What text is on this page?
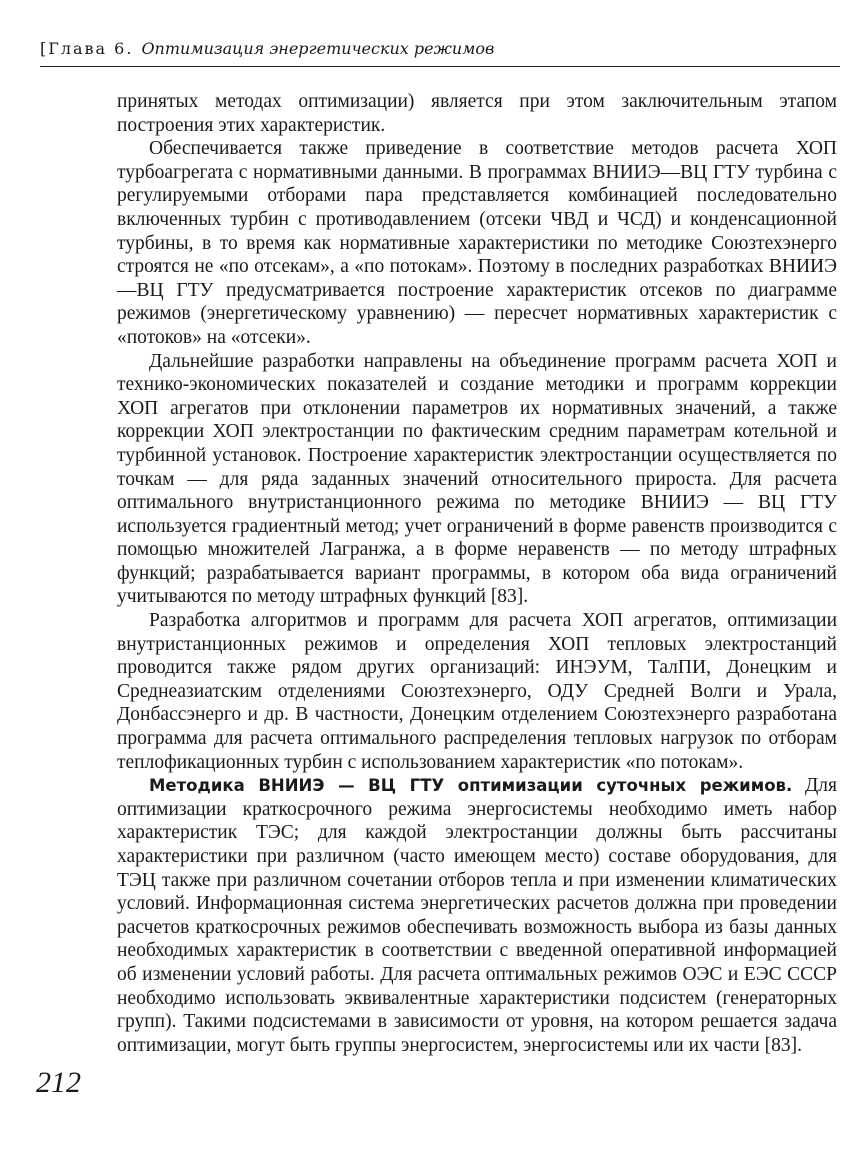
[Глава 6. Оптимизация энергетических режимов

принятых методах оптимизации) является при этом заключительным этапом построения этих характеристик.

Обеспечивается также приведение в соответствие методов расчета ХОП турбоагрегата с нормативными данными. В программах ВНИИЭ—ВЦ ГТУ турбина с регулируемыми отборами пара представляется комбинацией последовательно включенных турбин с противодавлением (отсеки ЧВД и ЧСД) и конденсационной турбины, в то время как нормативные характеристики по методике Союзтехэнерго строятся не «по отсекам», а «по потокам». Поэтому в последних разработках ВНИИЭ—ВЦ ГТУ предусматривается построение характеристик отсеков по диаграмме режимов (энергетическому уравнению) — пересчет нормативных характеристик с «потоков» на «отсеки».

Дальнейшие разработки направлены на объединение программ расчета ХОП и технико-экономических показателей и создание методики и программ коррекции ХОП агрегатов при отклонении параметров их нормативных значений, а также коррекции ХОП электростанции по фактическим средним параметрам котельной и турбинной установок. Построение характеристик электростанции осуществляется по точкам — для ряда заданных значений относительного прироста. Для расчета оптимального внутристанционного режима по методике ВНИИЭ — ВЦ ГТУ используется градиентный метод; учет ограничений в форме равенств производится с помощью множителей Лагранжа, а в форме неравенств — по методу штрафных функций; разрабатывается вариант программы, в котором оба вида ограничений учитываются по методу штрафных функций [83].

Разработка алгоритмов и программ для расчета ХОП агрегатов, оптимизации внутристанционных режимов и определения ХОП тепловых электростанций проводится также рядом других организаций: ИНЭУМ, ТалПИ, Донецким и Среднеазиатским отделениями Союзтехэнерго, ОДУ Средней Волги и Урала, Донбассэнерго и др. В частности, Донецким отделением Союзтехэнерго разработана программа для расчета оптимального распределения тепловых нагрузок по отборам теплофикационных турбин с использованием характеристик «по потокам».

Методика ВНИИЭ — ВЦ ГТУ оптимизации суточных режимов. Для оптимизации краткосрочного режима энергосистемы необходимо иметь набор характеристик ТЭС; для каждой электростанции должны быть рассчитаны характеристики при различном (часто имеющем место) составе оборудования, для ТЭЦ также при различном сочетании отборов тепла и при изменении климатических условий. Информационная система энергетических расчетов должна при проведении расчетов краткосрочных режимов обеспечивать возможность выбора из базы данных необходимых характеристик в соответствии с введенной оперативной информацией об изменении условий работы. Для расчета оптимальных режимов ОЭС и ЕЭС СССР необходимо использовать эквивалентные характеристики подсистем (генераторных групп). Такими подсистемами в зависимости от уровня, на котором решается задача оптимизации, могут быть группы энергосистем, энергосистемы или их части [83].

212
